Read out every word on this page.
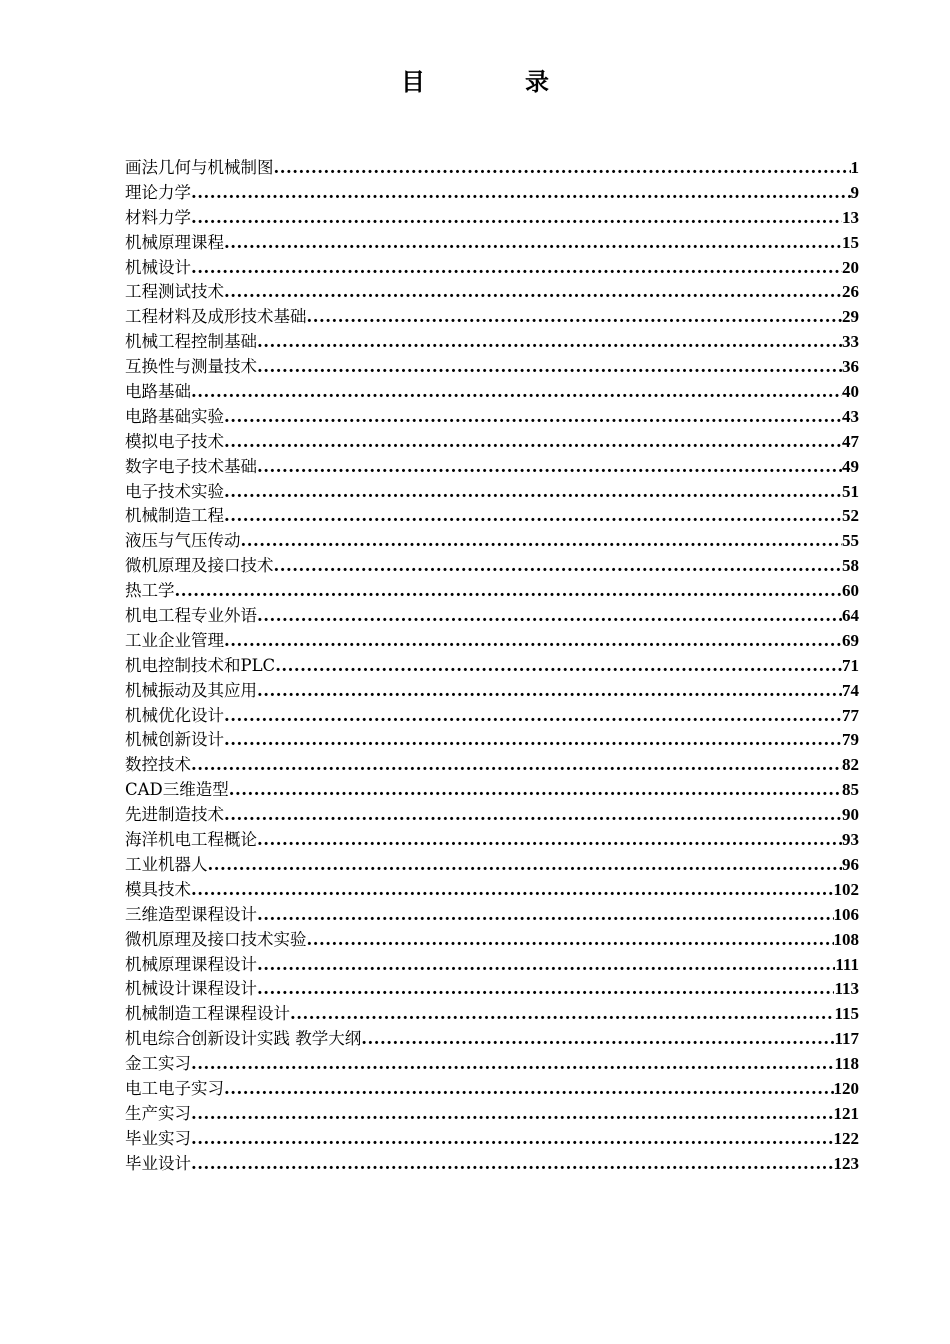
目　录
画法几何与机械制图 .....	1
理论力学 .....	9
材料力学 .....	13
机械原理课程 .....	15
机械设计 .....	20
工程测试技术 .....	26
工程材料及成形技术基础 .....	29
机械工程控制基础 .....	33
互换性与测量技术 .....	36
电路基础 .....	40
电路基础实验 .....	43
模拟电子技术 .....	47
数字电子技术基础 .....	49
电子技术实验 .....	51
机械制造工程 .....	52
液压与气压传动 .....	55
微机原理及接口技术 .....	58
热工学 .....	60
机电工程专业外语 .....	64
工业企业管理 .....	69
机电控制技术和PLC .....	71
机械振动及其应用 .....	74
机械优化设计 .....	77
机械创新设计 .....	79
数控技术 .....	82
CAD三维造型 .....	85
先进制造技术 .....	90
海洋机电工程概论 .....	93
工业机器人 .....	96
模具技术 .....	102
三维造型课程设计 .....	106
微机原理及接口技术实验 .....	108
机械原理课程设计 .....	111
机械设计课程设计 .....	113
机械制造工程课程设计 .....	115
机电综合创新设计实践 教学大纲 .....	117
金工实习 .....	118
电工电子实习 .....	120
生产实习 .....	121
毕业实习 .....	122
毕业设计 .....	123
